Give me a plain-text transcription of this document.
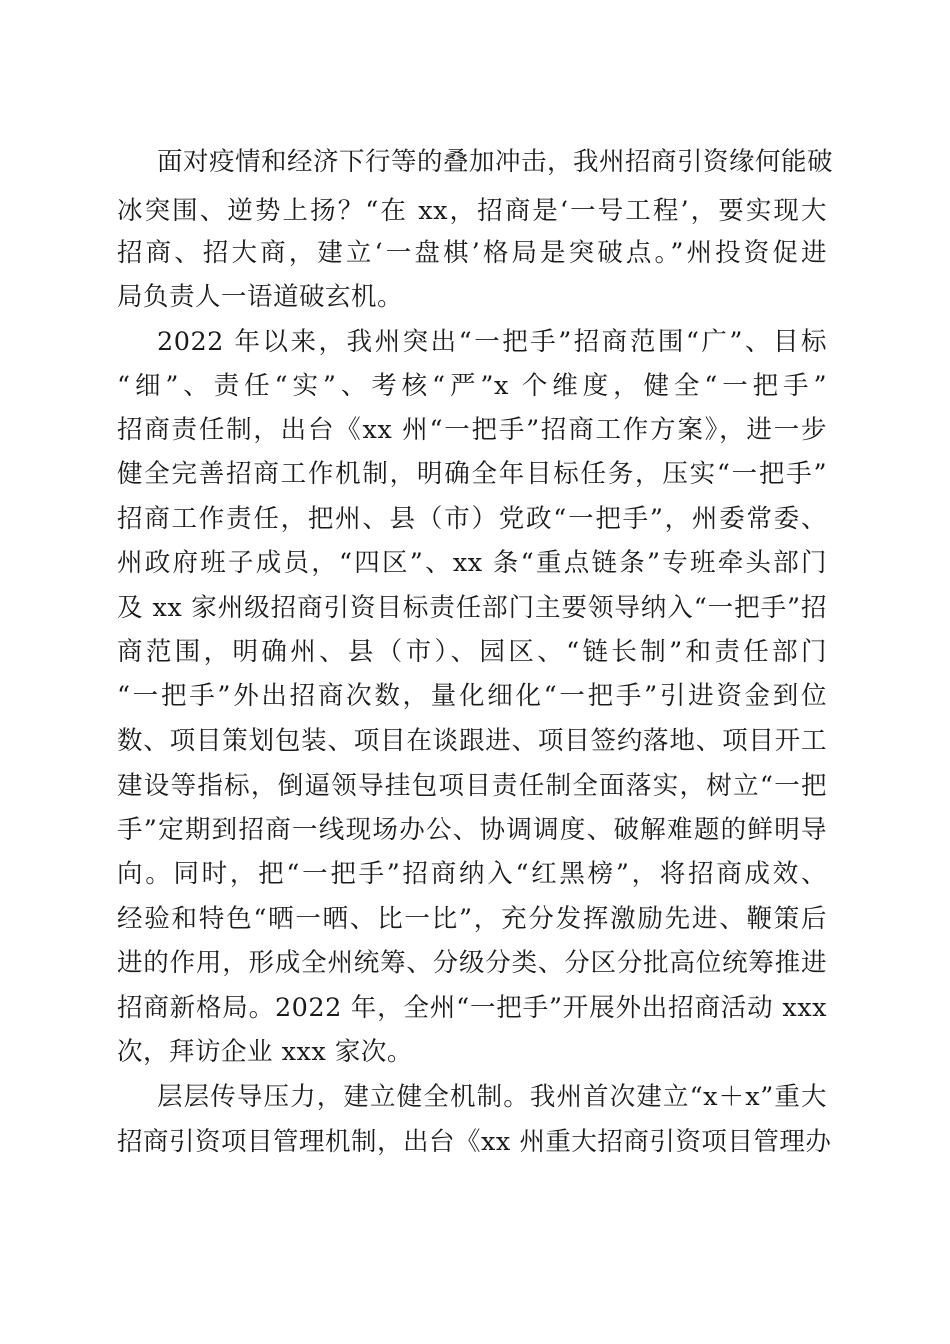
面对疫情和经济下行等的叠加冲击，我州招商引资缘何能破
冰突围、逆势上扬？“在 xx，招商是‘一号工程’，要实现大
招商、招大商，建立‘一盘棋’格局是突破点。”州投资促进
局负责人一语道破玄机。
2022 年以来，我州突出“一把手”招商范围“广”、目标
“细”、责任“实”、考核“严”x 个维度，健全“一把手”
招商责任制，出台《xx 州“一把手”招商工作方案》，进一步
健全完善招商工作机制，明确全年目标任务，压实“一把手”
招商工作责任，把州、县（市）党政“一把手”，州委常委、
州政府班子成员，“四区”、xx 条“重点链条”专班牵头部门
及 xx 家州级招商引资目标责任部门主要领导纳入“一把手”招
商范围，明确州、县（市）、园区、“链长制”和责任部门
“一把手”外出招商次数，量化细化“一把手”引进资金到位
数、项目策划包装、项目在谈跟进、项目签约落地、项目开工
建设等指标，倒逼领导挂包项目责任制全面落实，树立“一把
手”定期到招商一线现场办公、协调调度、破解难题的鲜明导
向。同时，把“一把手”招商纳入“红黑榜”，将招商成效、
经验和特色“晒一晒、比一比”，充分发挥激励先进、鞭策后
进的作用，形成全州统筹、分级分类、分区分批高位统筹推进
招商新格局。2022 年，全州“一把手”开展外出招商活动 xxx
次，拜访企业 xxx 家次。
层层传导压力，建立健全机制。我州首次建立“x＋x”重大
招商引资项目管理机制，出台《xx 州重大招商引资项目管理办
